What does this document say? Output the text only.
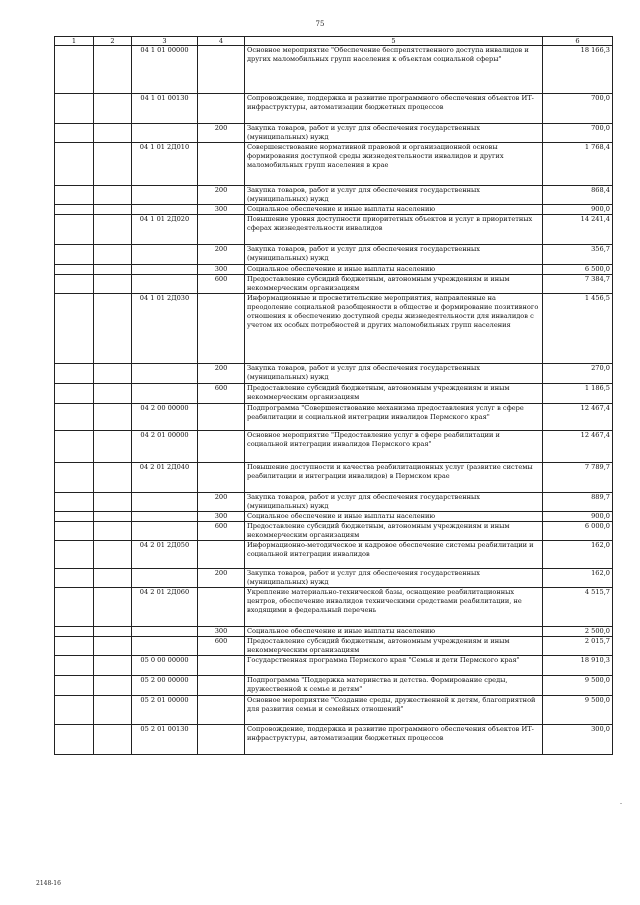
75
1	2	3	4	5	6
		04 1 01 00000		Основное мероприятие "Обеспечение беспрепятственного доступа инвалидов и других маломобильных групп населения к объектам социальной сферы"	18 166,3
		04 1 01 00130		Сопровождение, поддержка и развитие программного обеспечения объектов ИТ-инфраструктуры, автоматизации бюджетных процессов	700,0
			200	Закупка товаров, работ и услуг для обеспечения государственных (муниципальных) нужд	700,0
		04 1 01 2Д010		Совершенствование нормативной правовой и организационной основы формирования доступной среды жизнедеятельности инвалидов и других маломобильных групп населения в крае	1 768,4
			200	Закупка товаров, работ и услуг для обеспечения государственных (муниципальных) нужд	868,4
			300	Социальное обеспечение и иные выплаты населению	900,0
		04 1 01 2Д020		Повышение уровня доступности приоритетных объектов и услуг в приоритетных сферах жизнедеятельности инвалидов	14 241,4
			200	Закупка товаров, работ и услуг для обеспечения государственных (муниципальных) нужд	356,7
			300	Социальное обеспечение и иные выплаты населению	6 500,0
			600	Предоставление субсидий бюджетным, автономным учреждениям и иным некоммерческим организациям	7 384,7
		04 1 01 2Д030		Информационные и просветительские мероприятия, направленные на преодоление социальной разобщенности в обществе и формирование позитивного отношения к обеспечению доступной среды жизнедеятельности для инвалидов с учетом их особых потребностей и других маломобильных групп населения	1 456,5
			200	Закупка товаров, работ и услуг для обеспечения государственных (муниципальных) нужд	270,0
			600	Предоставление субсидий бюджетным, автономным учреждениям и иным некоммерческим организациям	1 186,5
		04 2 00 00000		Подпрограмма "Совершенствование механизма предоставления услуг в сфере реабилитации и социальной интеграции инвалидов Пермского края"	12 467,4
		04 2 01 00000		Основное мероприятие "Предоставление услуг в сфере реабилитации и социальной интеграции инвалидов Пермского края"	12 467,4
		04 2 01 2Д040		Повышение доступности и качества реабилитационных услуг (развитие системы реабилитации и интеграции инвалидов) в Пермском крае	7 789,7
			200	Закупка товаров, работ и услуг для обеспечения государственных (муниципальных) нужд	889,7
			300	Социальное обеспечение и иные выплаты населению	900,0
			600	Предоставление субсидий бюджетным, автономным учреждениям и иным некоммерческим организациям	6 000,0
		04 2 01 2Д050		Информационно-методическое и кадровое обеспечение системы реабилитации и социальной интеграции инвалидов	162,0
			200	Закупка товаров, работ и услуг для обеспечения государственных (муниципальных) нужд	162,0
		04 2 01 2Д060		Укрепление материально-технической базы, оснащение реабилитационных центров, обеспечение инвалидов техническими средствами реабилитации, не входящими в федеральный перечень	4 515,7
			300	Социальное обеспечение и иные выплаты населению	2 500,0
			600	Предоставление субсидий бюджетным, автономным учреждениям и иным некоммерческим организациям	2 015,7
		05 0 00 00000		Государственная программа Пермского края "Семья и дети Пермского края"	18 910,3
		05 2 00 00000		Подпрограмма "Поддержка материнства и детства. Формирование среды, дружественной к семье и детям"	9 500,0
		05 2 01 00000		Основное мероприятие "Создание среды, дружественной к детям, благоприятной для развития семьи и семейных отношений"	9 500,0
		05 2 01 00130		Сопровождение, поддержка и развитие программного обеспечения объектов ИТ-инфраструктуры, автоматизации бюджетных процессов	300,0
2148-16
-
